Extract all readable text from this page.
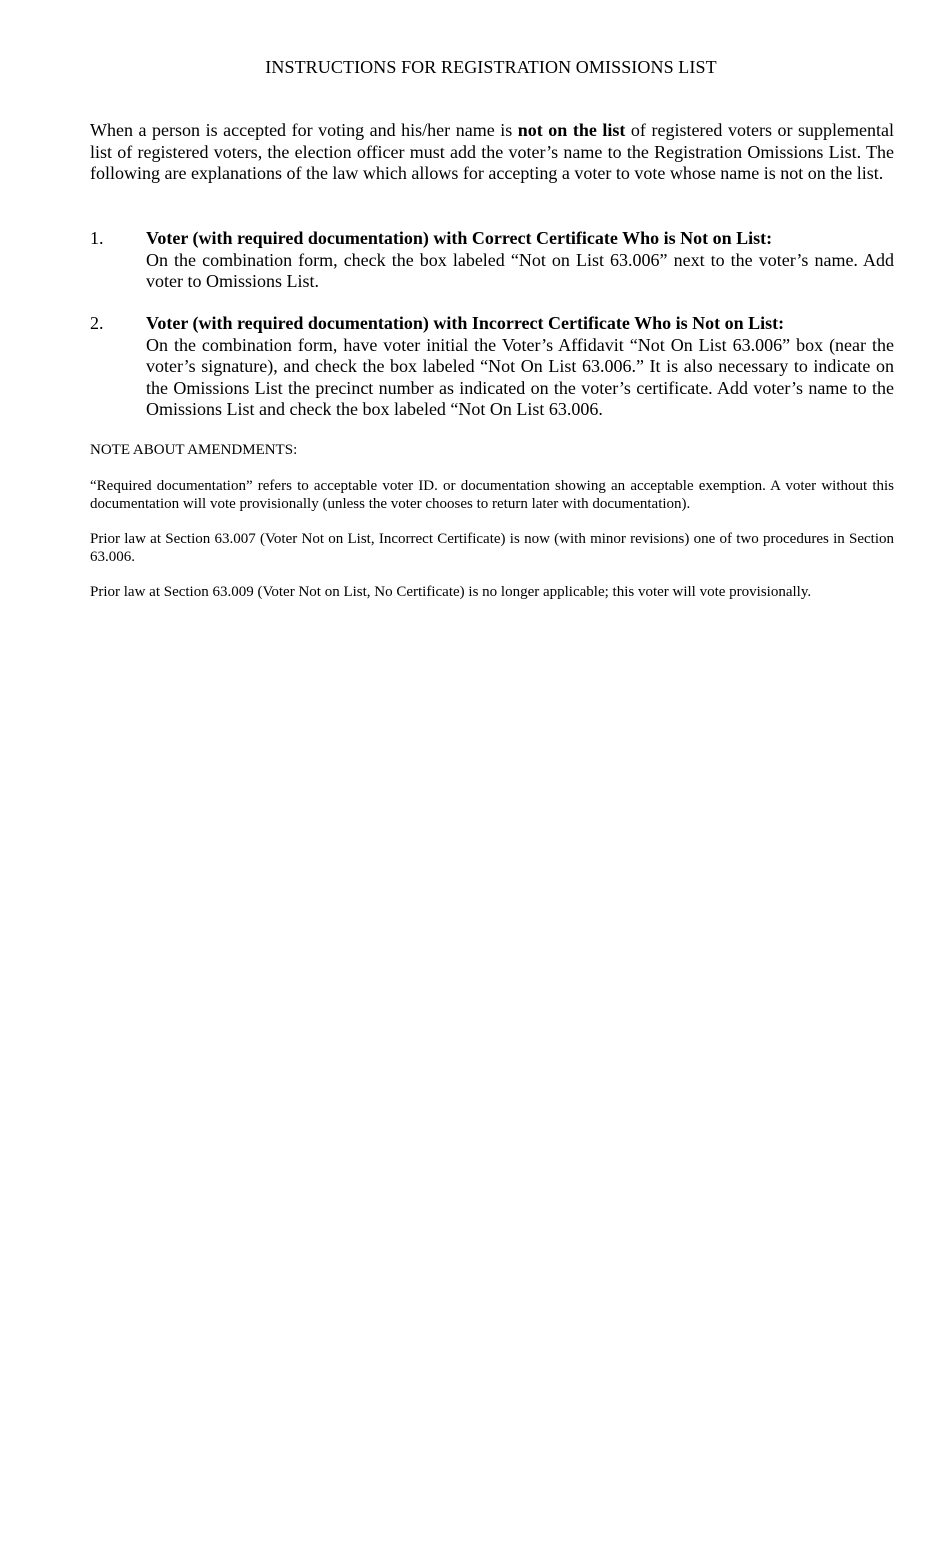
INSTRUCTIONS FOR REGISTRATION OMISSIONS LIST

When a person is accepted for voting and his/her name is not on the list of registered voters or supplemental list of registered voters, the election officer must add the voter’s name to the Registration Omissions List. The following are explanations of the law which allows for accepting a voter to vote whose name is not on the list.

1. Voter (with required documentation) with Correct Certificate Who is Not on List:
On the combination form, check the box labeled “Not on List 63.006” next to the voter’s name. Add voter to Omissions List.
2. Voter (with required documentation) with Incorrect Certificate Who is Not on List:
On the combination form, have voter initial the Voter’s Affidavit “Not On List 63.006” box (near the voter’s signature), and check the box labeled “Not On List 63.006.” It is also necessary to indicate on the Omissions List the precinct number as indicated on the voter’s certificate. Add voter’s name to the Omissions List and check the box labeled “Not On List 63.006.
NOTE ABOUT AMENDMENTS:

“Required documentation” refers to acceptable voter ID. or documentation showing an acceptable exemption. A voter without this documentation will vote provisionally (unless the voter chooses to return later with documentation).

Prior law at Section 63.007 (Voter Not on List, Incorrect Certificate) is now (with minor revisions) one of two procedures in Section 63.006.

Prior law at Section 63.009 (Voter Not on List, No Certificate) is no longer applicable; this voter will vote provisionally.
